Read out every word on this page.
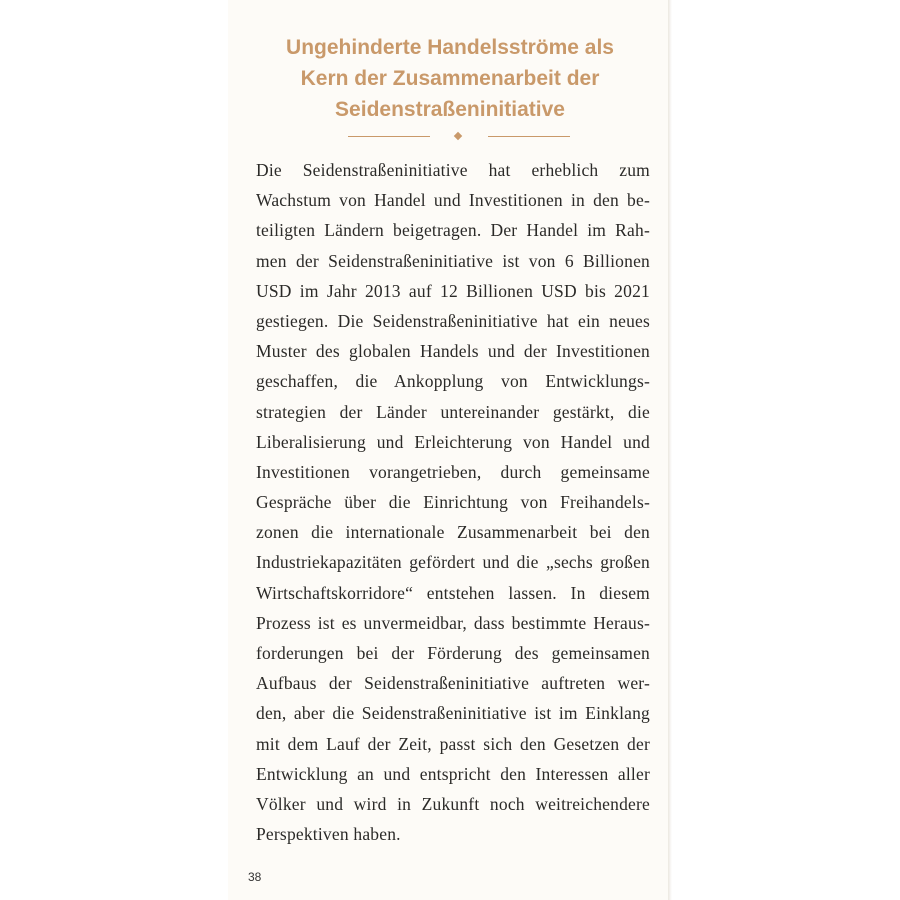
Ungehinderte Handelsströme als
Kern der Zusammenarbeit der
Seidenstraßeninitiative
Die Seidenstraßeninitiative hat erheblich zum
Wachstum von Handel und Investitionen in den be-
teiligten Ländern beigetragen. Der Handel im Rah-
men der Seidenstraßeninitiative ist von 6 Billionen
USD im Jahr 2013 auf 12 Billionen USD bis 2021
gestiegen. Die Seidenstraßeninitiative hat ein neues
Muster des globalen Handels und der Investitionen
geschaffen, die Ankopplung von Entwicklungs-
strategien der Länder untereinander gestärkt, die
Liberalisierung und Erleichterung von Handel und
Investitionen vorangetrieben, durch gemeinsame
Gespräche über die Einrichtung von Freihandels-
zonen die internationale Zusammenarbeit bei den
Industriekapazitäten gefördert und die „sechs großen
Wirtschaftskorridore“ entstehen lassen. In diesem
Prozess ist es unvermeidbar, dass bestimmte Heraus-
forderungen bei der Förderung des gemeinsamen
Aufbaus der Seidenstraßeninitiative auftreten wer-
den, aber die Seidenstraßeninitiative ist im Einklang
mit dem Lauf der Zeit, passt sich den Gesetzen der
Entwicklung an und entspricht den Interessen aller
Völker und wird in Zukunft noch weitreichendere
Perspektiven haben.
38
